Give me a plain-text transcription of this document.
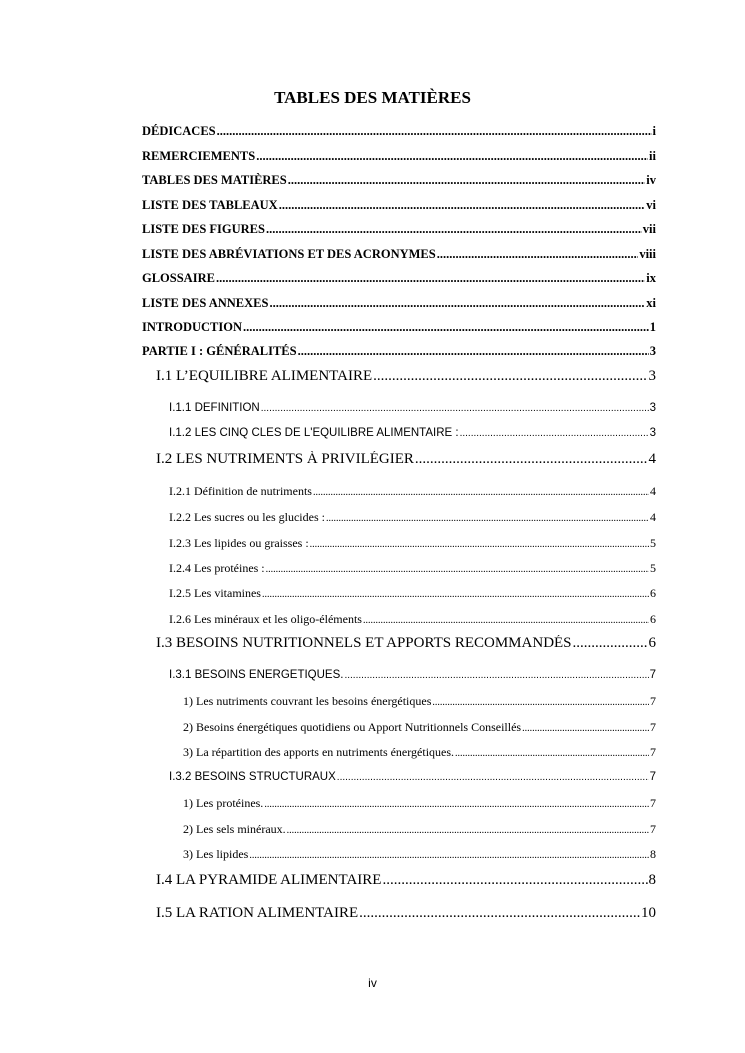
TABLES DES MATIÈRES
DÉDICACES .....	i
REMERCIEMENTS .....	ii
TABLES DES MATIÈRES .....	iv
LISTE DES TABLEAUX .....	vi
LISTE DES FIGURES .....	vii
LISTE DES ABRÉVIATIONS ET DES ACRONYMES .....	viii
GLOSSAIRE .....	ix
LISTE DES ANNEXES .....	xi
INTRODUCTION .....	1
PARTIE I : GÉNÉRALITÉS .....	3
I.1 L’EQUILIBRE ALIMENTAIRE .....	3
I.1.1 DÉFINITION .....	3
I.1.2 LES CINQ CLÉS DE L'EQUILIBRE ALIMENTAIRE : .....	3
I.2 LES NUTRIMENTS À PRIVILÉGIER .....	4
I.2.1 Définition de nutriments .....	4
I.2.2 Les sucres ou les glucides : .....	4
I.2.3 Les lipides ou graisses : .....	5
I.2.4 Les protéines : .....	5
I.2.5 Les vitamines .....	6
I.2.6 Les minéraux et les oligo-éléments .....	6
I.3 BESOINS NUTRITIONNELS ET APPORTS RECOMMANDÉS .....	6
I.3.1 BESOINS ÉNERGÉTIQUES. .....	7
1) Les nutriments couvrant les besoins énergétiques .....	7
2) Besoins énergétiques quotidiens ou Apport Nutritionnels Conseillés .....	7
3) La répartition des apports en nutriments énergétiques. .....	7
I.3.2 BESOINS STRUCTURAUX .....	7
1) Les protéines. .....	7
2) Les sels minéraux. .....	7
3) Les lipides .....	8
I.4 LA PYRAMIDE ALIMENTAIRE .....	8
I.5 LA RATION ALIMENTAIRE .....	10
iv
